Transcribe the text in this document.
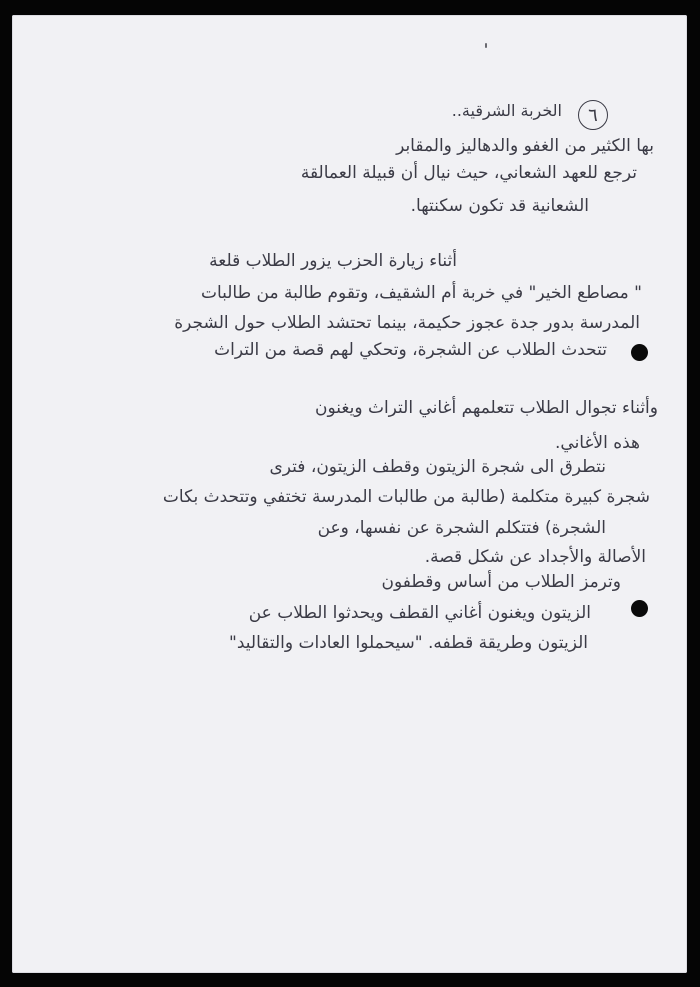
٦
الخربة الشرقية..
بها الكثير من الغفو والدهاليز والمقابر
ترجع للعهد الشعاني، حيث نيال أن قبيلة العمالقة
الشعانية قد تكون سكنتها.
أثناء زيارة الحزب يزور الطلاب قلعة
" مصاطع الخير" في خربة أم الشقيف، وتقوم طالبة من طالبات
المدرسة بدور جدة عجوز حكيمة، بينما تحتشد الطلاب حول الشجرة
تتحدث الطلاب عن الشجرة، وتحكي لهم قصة من التراث
وأثناء تجوال الطلاب تتعلمهم أغاني التراث ويغنون
هذه الأغاني.
نتطرق الى شجرة الزيتون وقطف الزيتون، فترى
شجرة كبيرة متكلمة (طالبة من طالبات المدرسة تختفي وتتحدث بكات
الشجرة) فتتكلم الشجرة عن نفسها، وعن
الأصالة والأجداد عن شكل قصة.
وترمز الطلاب من أساس وقطفون
الزيتون ويغنون أغاني القطف ويحدثوا الطلاب عن
الزيتون وطريقة قطفه. "سيحملوا العادات والتقاليد"
